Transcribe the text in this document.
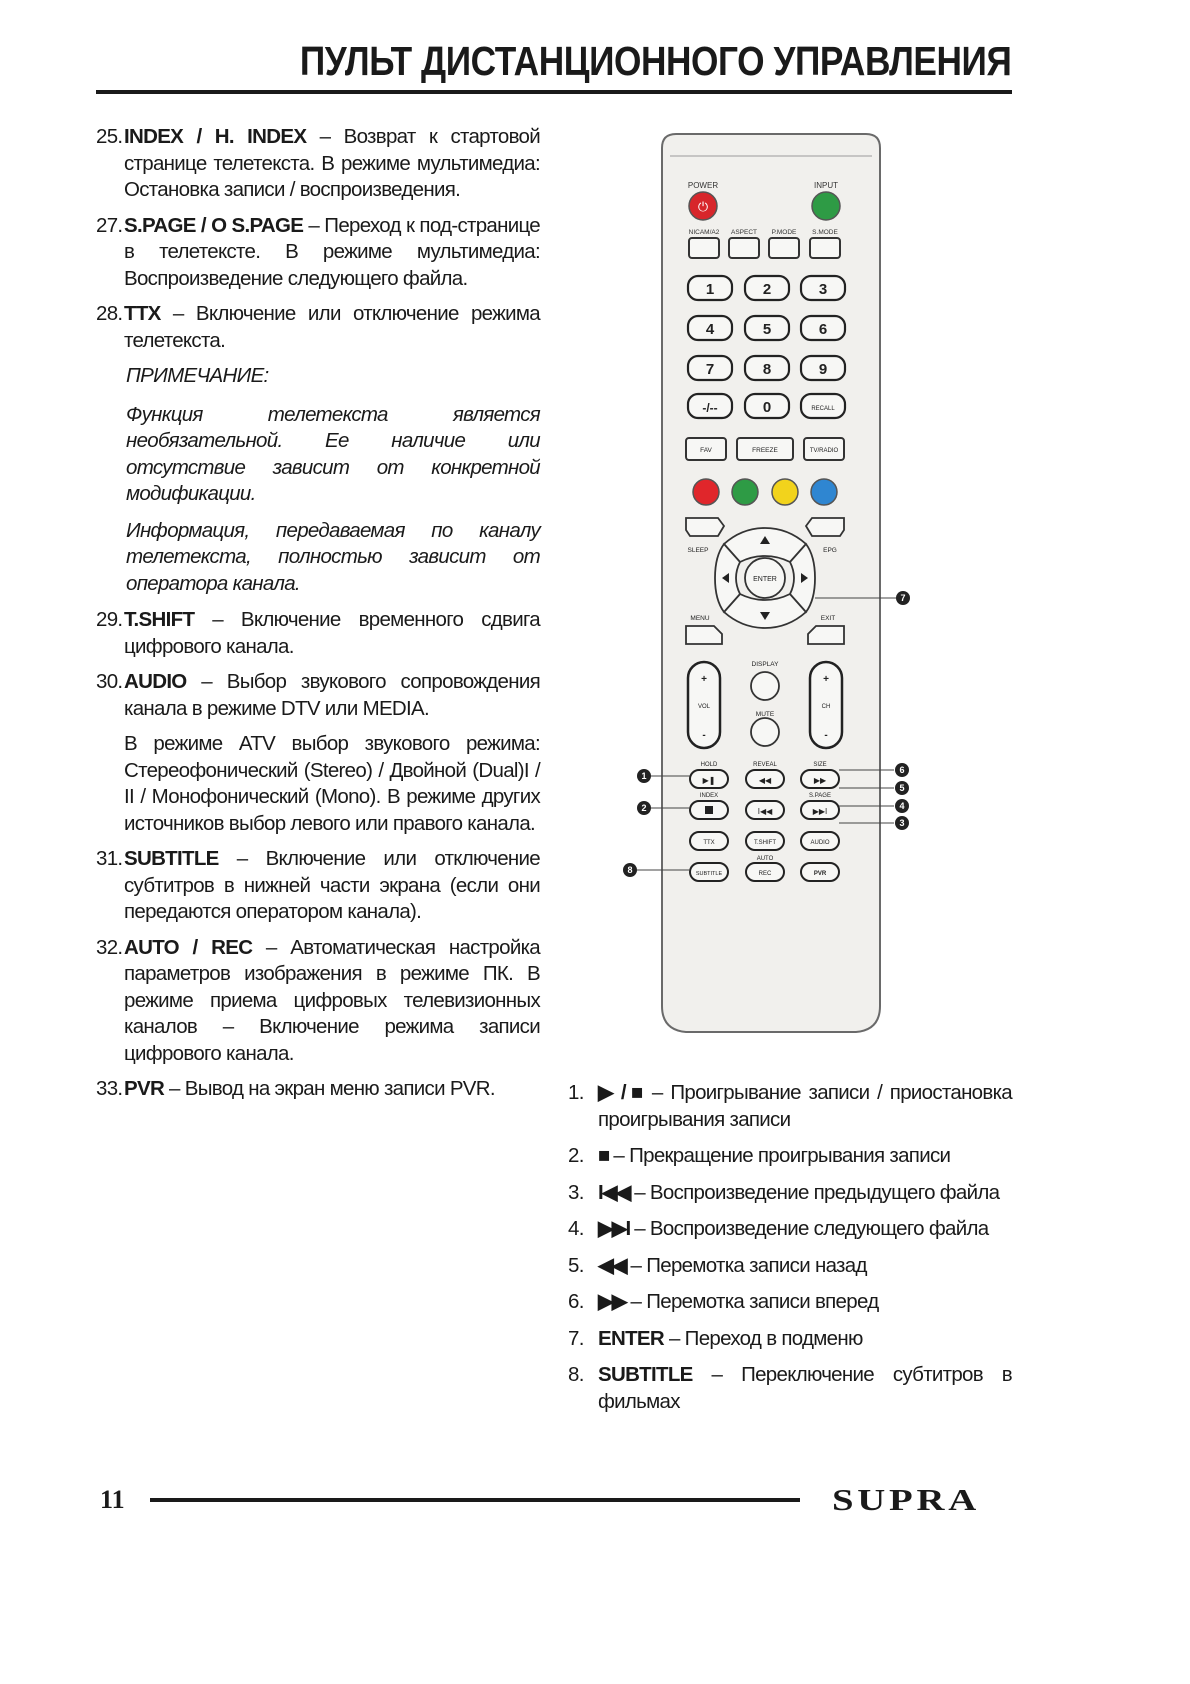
ПУЛЬТ ДИСТАНЦИОННОГО УПРАВЛЕНИЯ
25. INDEX / H. INDEX – Возврат к стартовой странице телетекста. В режиме мультимедиа: Остановка записи / воспроизведения.
27. S.PAGE / O S.PAGE – Переход к под-странице в телетексте. В режиме мультимедиа: Воспроизведение следующего файла.
28. TTX – Включение или отключение режима телетекста.
ПРИМЕЧАНИЕ:
Функция телетекста является необязательной. Ее наличие или отсутствие зависит от конкретной модификации.
Информация, передаваемая по каналу телетекста, полностью зависит от оператора канала.
29. T.SHIFT – Включение временного сдвига цифрового канала.
30. AUDIO – Выбор звукового сопровождения канала в режиме DTV или MEDIA.
В режиме ATV выбор звукового режима: Стереофонический (Stereo) / Двойной (Dual)I / II / Монофонический (Mono). В режиме других источников выбор левого или правого канала.
31. SUBTITLE – Включение или отключение субтитров в нижней части экрана (если они передаются оператором канала).
32. AUTO / REC – Автоматическая настройка параметров изображения в режиме ПК. В режиме приема цифровых телевизионных каналов – Включение режима записи цифрового канала.
33. PVR – Вывод на экран меню записи PVR.
POWER
⏻
INPUT
NICAM/A2 ASPECT P.MODE S.MODE
1	2	3
4	5	6
7	8	9
-/--	0	RECALL
FAV	FREEZE	TV/RADIO
SLEEP	EPG
ENTER
MENU	EXIT
+
-
+
-
VOL	CH
DISPLAY
MUTE
HOLD	REVEAL	SIZE
INDEX	S.PAGE
▶❚	◀◀	▶▶
I◀◀	▶▶I
TTX	T.SHIFT	AUDIO
AUTO
SUBTITLE	REC	PVR
7
1
2
6
5
4
3
8
1. ▶ / ■ – Проигрывание записи / приостановка проигрывания записи
2. ■ – Прекращение проигрывания записи
3. I◀◀ – Воспроизведение предыдущего файла
4. ▶▶I – Воспроизведение следующего файла
5. ◀◀ – Перемотка записи назад
6. ▶▶ – Перемотка записи вперед
7. ENTER – Переход в подменю
8. SUBTITLE – Переключение субтитров в фильмах
11	SUPRA
